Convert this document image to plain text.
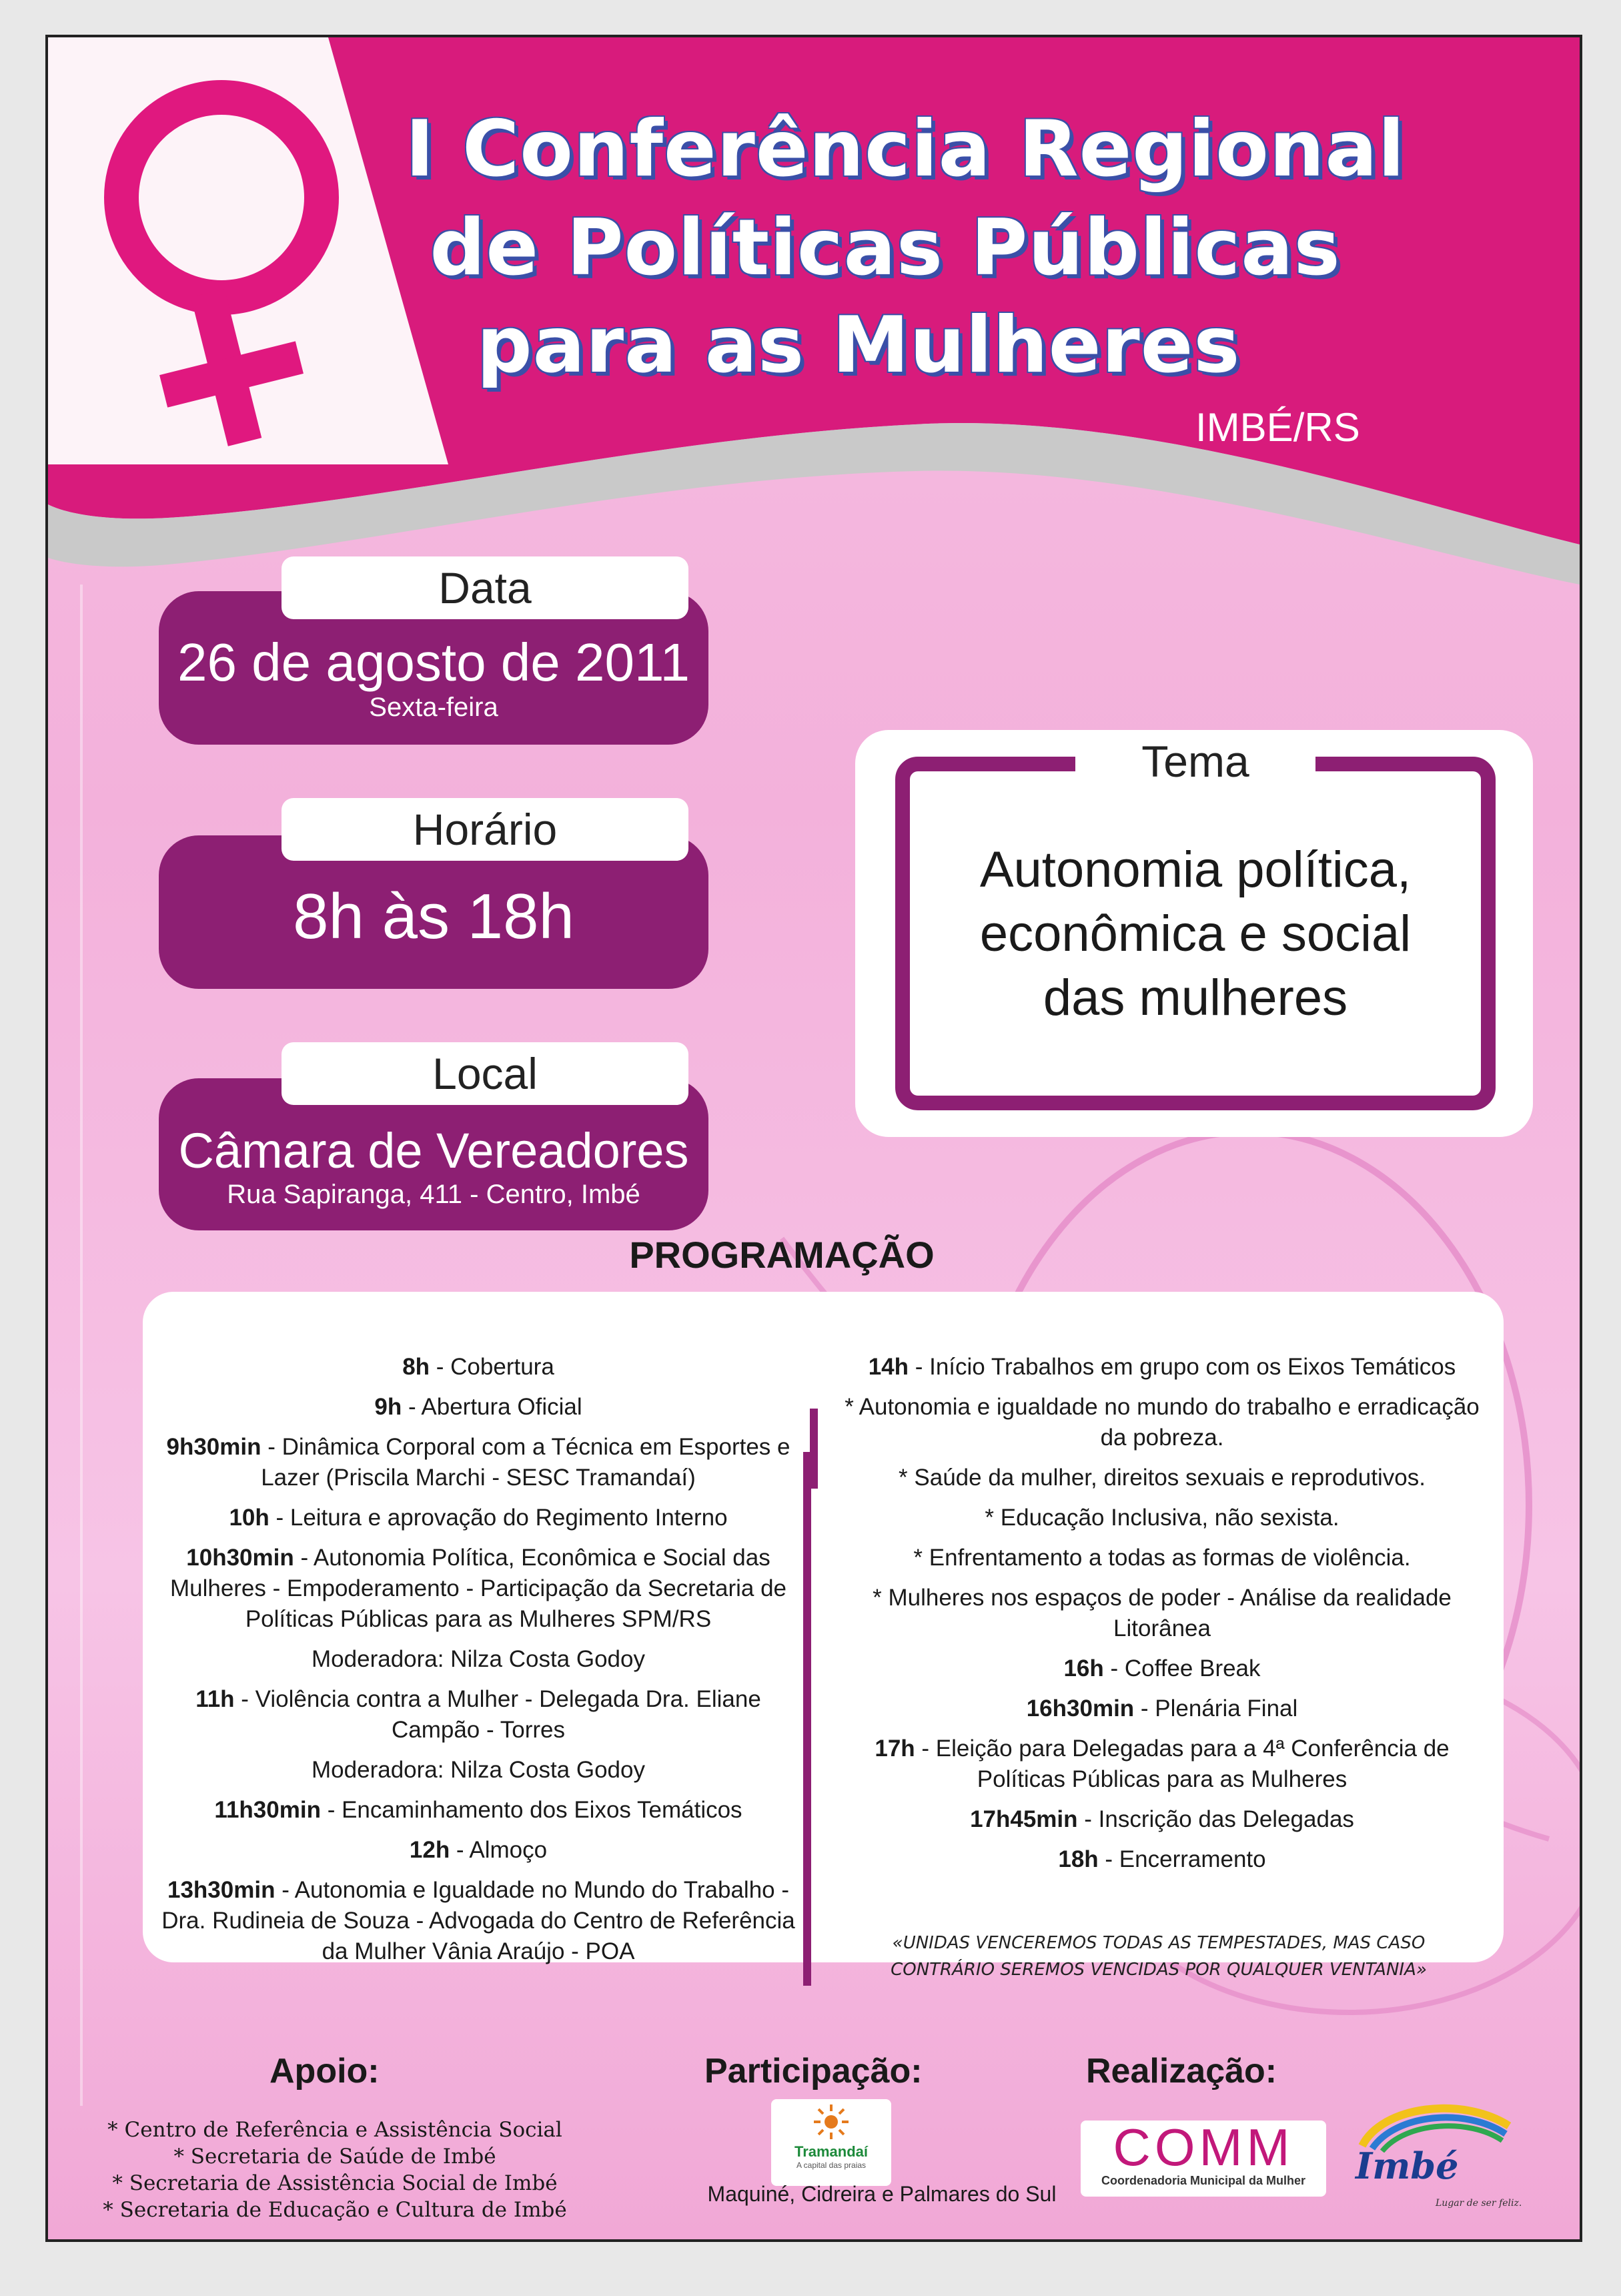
I Conferência Regional
de Políticas Públicas
para as Mulheres
IMBÉ/RS
26 de agosto de 2011
Sexta-feira
Data
8h às 18h
Horário
Câmara de Vereadores
Rua Sapiranga, 411 - Centro, Imbé
Local
Tema
Autonomia política,
econômica e social
das mulheres
PROGRAMAÇÃO

8h - Cobertura

9h - Abertura Oficial

9h30min - Dinâmica Corporal com a Técnica em Esportes e Lazer (Priscila Marchi - SESC Tramandaí)

10h - Leitura e aprovação do Regimento Interno

10h30min - Autonomia Política, Econômica e Social das Mulheres - Empoderamento - Participação da Secretaria de Políticas Públicas para as Mulheres SPM/RS

Moderadora: Nilza Costa Godoy

11h - Violência contra a Mulher - Delegada Dra. Eliane Campão - Torres

Moderadora: Nilza Costa Godoy

11h30min - Encaminhamento dos Eixos Temáticos

12h - Almoço

13h30min - Autonomia e Igualdade no Mundo do Trabalho - Dra. Rudineia de Souza - Advogada do Centro de Referência da Mulher Vânia Araújo - POA

14h - Início Trabalhos em grupo com os Eixos Temáticos

* Autonomia e igualdade no mundo do trabalho e erradicação da pobreza.

* Saúde da mulher, direitos sexuais e reprodutivos.

* Educação Inclusiva, não sexista.

* Enfrentamento a todas as formas de violência.

* Mulheres nos espaços de poder - Análise da realidade Litorânea

16h - Coffee Break

16h30min - Plenária Final

17h - Eleição para Delegadas para a 4ª Conferência de Políticas Públicas para as Mulheres

17h45min - Inscrição das Delegadas

18h - Encerramento

«UNIDAS VENCEREMOS TODAS AS TEMPESTADES, MAS CASO
CONTRÁRIO SEREMOS VENCIDAS POR QUALQUER VENTANIA»
Apoio:
* Centro de Referência e Assistência Social
* Secretaria de Saúde de Imbé
* Secretaria de Assistência Social de Imbé
* Secretaria de Educação e Cultura de Imbé
Participação:
Tramandaí
A capital das praias
Maquiné, Cidreira e Palmares do Sul
Realização:
COMM
Coordenadoria Municipal da Mulher	Imbé
Lugar de ser feliz.
